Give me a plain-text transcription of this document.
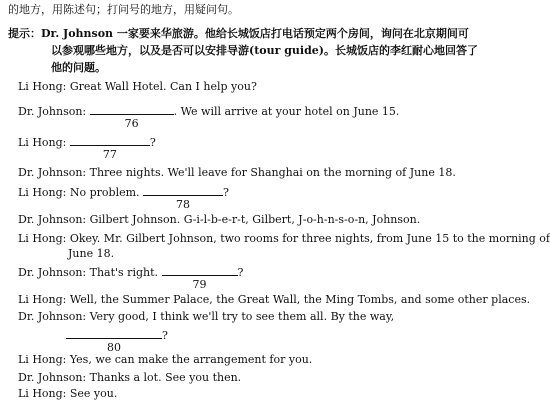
的地方，用陈述句；打问号的地方，用疑问句。
提示：Dr. Johnson 一家要来华旅游。他给长城饭店打电话预定两个房间，询问在北京期间可
以参观哪些地方，以及是否可以安排导游(tour guide)。长城饭店的李红耐心地回答了
他的问题。
Li Hong: Great Wall Hotel. Can I help you?
Dr. Johnson:
76
. We will arrive at your hotel on June 15.
Li Hong:
77
?
Dr. Johnson: Three nights. We'll leave for Shanghai on the morning of June 18.
Li Hong: No problem.
78
?
Dr. Johnson: Gilbert Johnson. G-i-l-b-e-r-t, Gilbert, J-o-h-n-s-o-n, Johnson.
Li Hong: Okey. Mr. Gilbert Johnson, two rooms for three nights, from June 15 to the morning of
June 18.
Dr. Johnson: That's right.
79
?
Li Hong: Well, the Summer Palace, the Great Wall, the Ming Tombs, and some other places.
Dr. Johnson: Very good, I think we'll try to see them all. By the way,
80
?
Li Hong: Yes, we can make the arrangement for you.
Dr. Johnson: Thanks a lot. See you then.
Li Hong: See you.
